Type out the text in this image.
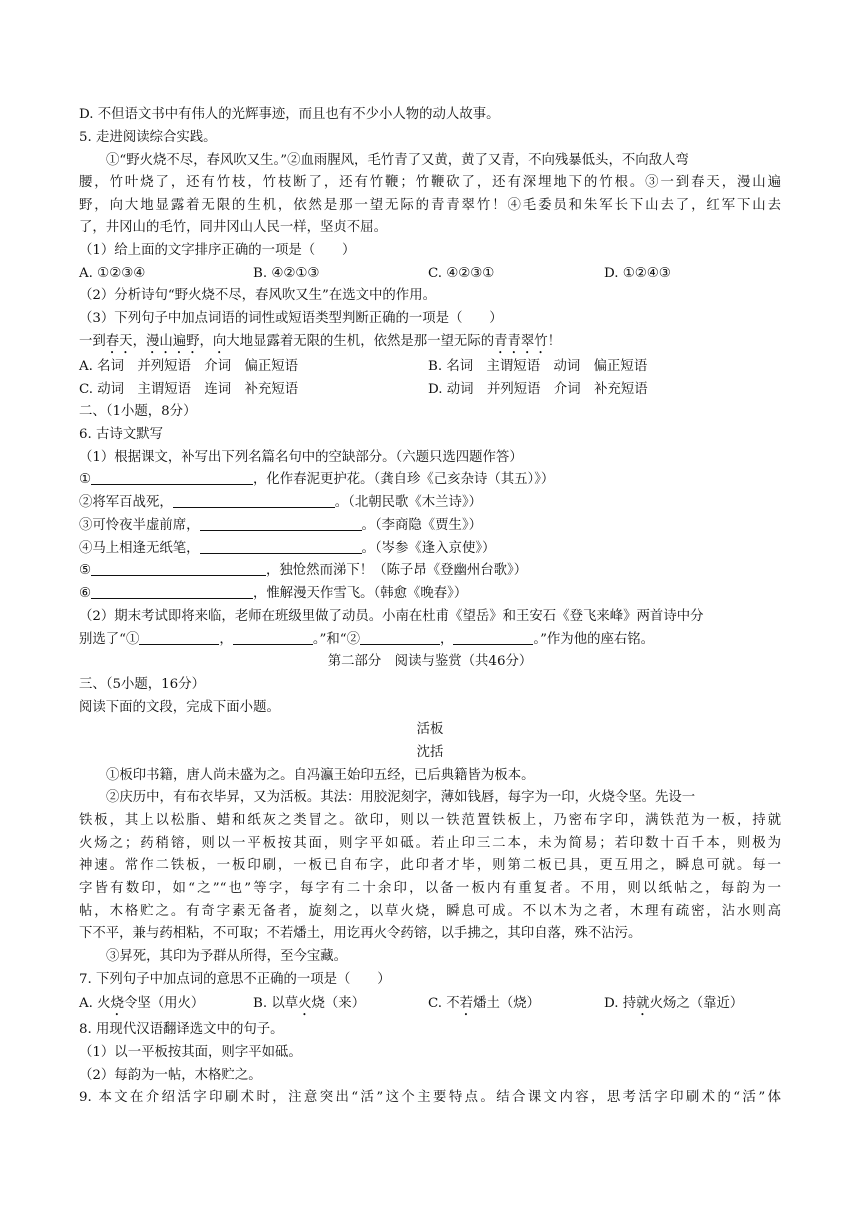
D. 不但语文书中有伟人的光辉事迹，而且也有不少小人物的动人故事。
5. 走进阅读综合实践。
①“野火烧不尽，春风吹又生。”②血雨腥风，毛竹青了又黄，黄了又青，不向残暴低头，不向敌人弯
腰，竹叶烧了，还有竹枝，竹枝断了，还有竹鞭；竹鞭砍了，还有深埋地下的竹根。③一到春天，漫山遍
野，向大地显露着无限的生机，依然是那一望无际的青青翠竹！④毛委员和朱军长下山去了，红军下山去
了，井冈山的毛竹，同井冈山人民一样，坚贞不屈。
（1）给上面的文字排序正确的一项是（　　）
A. ①②③④	B. ④②①③	C. ④②③①	D. ①②④③
（2）分析诗句“野火烧不尽，春风吹又生”在选文中的作用。
（3）下列句子中加点词语的词性或短语类型判断正确的一项是（　　）
一到春天，漫山遍野，向大地显露着无限的生机，依然是那一望无际的青青翠竹！
A. 名词　并列短语　介词　偏正短语	B. 名词　主谓短语　动词　偏正短语
C. 动词　主谓短语　连词　补充短语	D. 动词　并列短语　介词　补充短语
二、（1小题，8分）
6. 古诗文默写
（1）根据课文，补写出下列名篇名句中的空缺部分。（六题只选四题作答）
①	，化作春泥更护花。（龚自珍《己亥杂诗（其五）》）
②将军百战死，	。（北朝民歌《木兰诗》）
③可怜夜半虚前席，	。（李商隐《贾生》）
④马上相逢无纸笔，	。（岑参《逢入京使》）
⑤	，独怆然而涕下！（陈子昂《登幽州台歌》）
⑥	，惟解漫天作雪飞。（韩愈《晚春》）
（2）期末考试即将来临，老师在班级里做了动员。小南在杜甫《望岳》和王安石《登飞来峰》两首诗中分
别选了“①	，	。”和“②	，	。”作为他的座右铭。
第二部分　阅读与鉴赏（共46分）
三、（5小题，16分）
阅读下面的文段，完成下面小题。
活板
沈括
①板印书籍，唐人尚未盛为之。自冯瀛王始印五经，已后典籍皆为板本。
②庆历中，有布衣毕昇，又为活板。其法：用胶泥刻字，薄如钱唇，每字为一印，火烧令坚。先设一
铁板，其上以松脂、蜡和纸灰之类冒之。欲印，则以一铁范置铁板上，乃密布字印，满铁范为一板，持就
火炀之；药稍镕，则以一平板按其面，则字平如砥。若止印三二本，未为简易；若印数十百千本，则极为
神速。常作二铁板，一板印刷，一板已自布字，此印者才毕，则第二板已具，更互用之，瞬息可就。每一
字皆有数印，如“之”“也”等字，每字有二十余印，以备一板内有重复者。不用，则以纸帖之，每韵为一
帖，木格贮之。有奇字素无备者，旋刻之，以草火烧，瞬息可成。不以木为之者，木理有疏密，沾水则高
下不平，兼与药相粘，不可取；不若燔土，用讫再火令药镕，以手拂之，其印自落，殊不沾污。
③昇死，其印为予群从所得，至今宝藏。
7. 下列句子中加点词的意思不正确的一项是（　　）
A. 火烧令坚（用火）	B. 以草火烧（来）	C. 不若燔土（烧）	D. 持就火炀之（靠近）
8. 用现代汉语翻译选文中的句子。
（1）以一平板按其面，则字平如砥。
（2）每韵为一帖，木格贮之。
9. 本文在介绍活字印刷术时，注意突出“活”这个主要特点。结合课文内容，思考活字印刷术的“活”体
